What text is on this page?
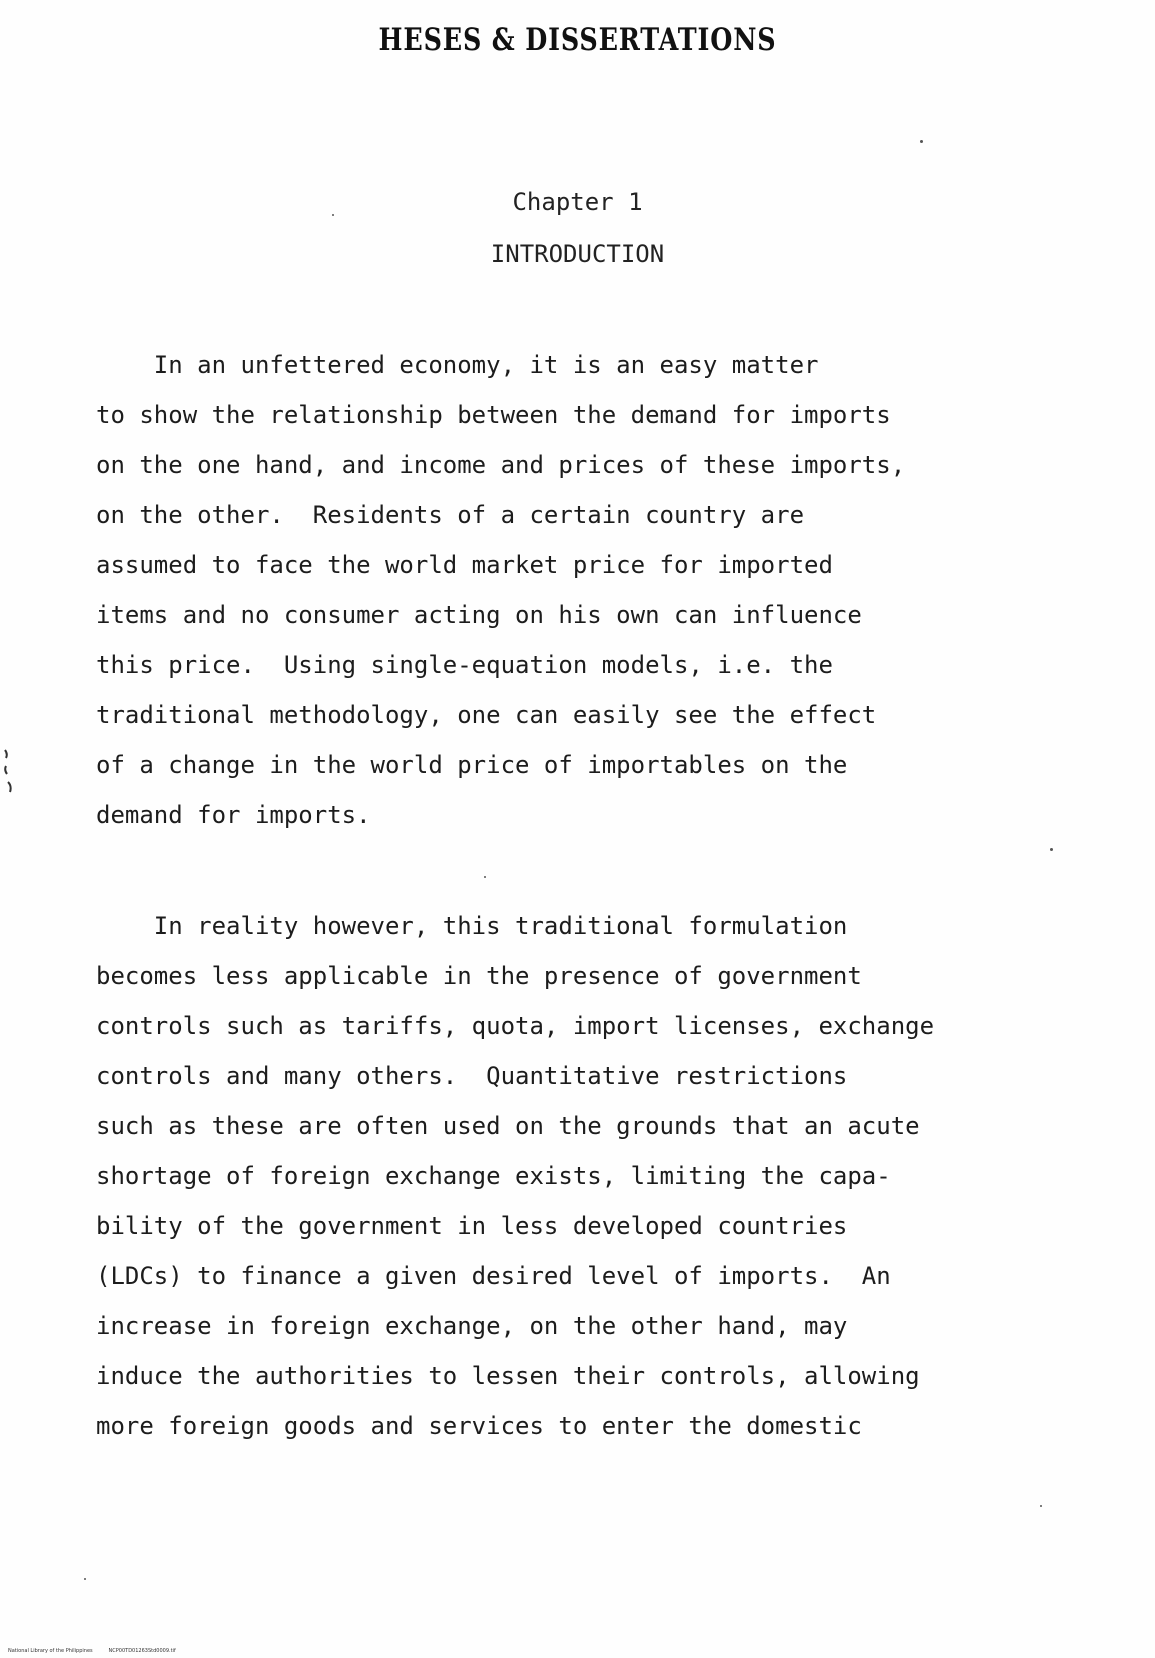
HESES & DISSERTATIONS
Chapter 1
INTRODUCTION

In an unfettered economy, it is an easy matter

to show the relationship between the demand for imports

on the one hand, and income and prices of these imports,

on the other.  Residents of a certain country are

assumed to face the world market price for imported

items and no consumer acting on his own can influence

this price.  Using single-equation models, i.e. the

traditional methodology, one can easily see the effect

of a change in the world price of importables on the

demand for imports.

In reality however, this traditional formulation

becomes less applicable in the presence of government

controls such as tariffs, quota, import licenses, exchange

controls and many others.  Quantitative restrictions

such as these are often used on the grounds that an acute

shortage of foreign exchange exists, limiting the capa-

bility of the government in less developed countries

(LDCs) to finance a given desired level of imports.  An

increase in foreign exchange, on the other hand, may

induce the authorities to lessen their controls, allowing

more foreign goods and services to enter the domestic

National Library of the Philippines	NCP00TD01263Std0009.tif
